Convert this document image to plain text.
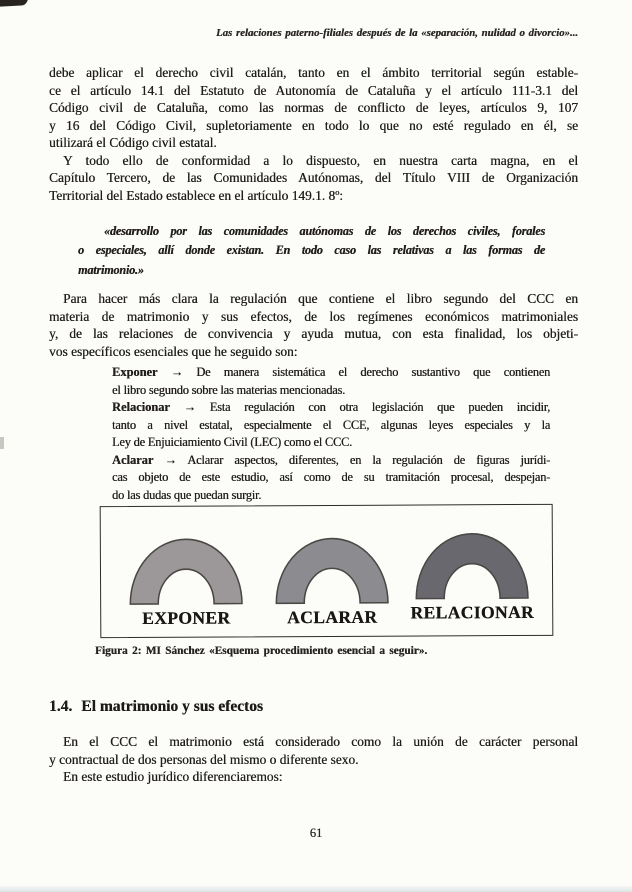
Las relaciones paterno-filiales después de la «separación, nulidad o divorcio»...
debe aplicar el derecho civil catalán, tanto en el ámbito territorial según estable-
ce el artículo 14.1 del Estatuto de Autonomía de Cataluña y el artículo 111-3.1 del
Código civil de Cataluña, como las normas de conflicto de leyes, artículos 9, 107
y 16 del Código Civil, supletoriamente en todo lo que no esté regulado en él, se
utilizará el Código civil estatal.
Y todo ello de conformidad a lo dispuesto, en nuestra carta magna, en el
Capítulo Tercero, de las Comunidades Autónomas, del Título VIII de Organización
Territorial del Estado establece en el artículo 149.1. 8º:
«desarrollo por las comunidades autónomas de los derechos civiles, forales
o especiales, allí donde existan. En todo caso las relativas a las formas de
matrimonio.»
Para hacer más clara la regulación que contiene el libro segundo del CCC en
materia de matrimonio y sus efectos, de los regímenes económicos matrimoniales
y, de las relaciones de convivencia y ayuda mutua, con esta finalidad, los objeti-
vos específicos esenciales que he seguido son:
Exponer → De manera sistemática el derecho sustantivo que contienen
el libro segundo sobre las materias mencionadas.
Relacionar → Esta regulación con otra legislación que pueden incidir,
tanto a nivel estatal, especialmente el CCE, algunas leyes especiales y la
Ley de Enjuiciamiento Civil (LEC) como el CCC.
Aclarar → Aclarar aspectos, diferentes, en la regulación de figuras jurídi-
cas objeto de este estudio, así como de su tramitación procesal, despejan-
do las dudas que puedan surgir.
EXPONER	ACLARAR	RELACIONAR
Figura 2: MI Sánchez «Esquema procedimiento esencial a seguir».
1.4. El matrimonio y sus efectos
En el CCC el matrimonio está considerado como la unión de carácter personal
y contractual de dos personas del mismo o diferente sexo.
En este estudio jurídico diferenciaremos:
61
